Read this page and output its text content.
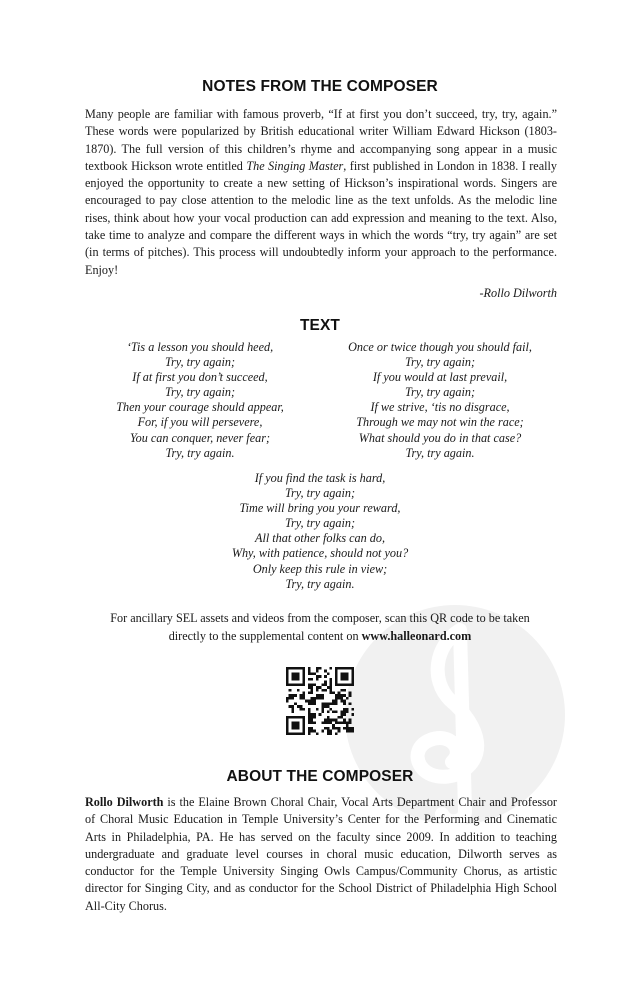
NOTES FROM THE COMPOSER
Many people are familiar with famous proverb, “If at first you don’t succeed, try, try, again.” These words were popularized by British educational writer William Edward Hickson (1803-1870). The full version of this children’s rhyme and accompanying song appear in a music textbook Hickson wrote entitled The Singing Master, first published in London in 1838. I really enjoyed the opportunity to create a new setting of Hickson’s inspirational words. Singers are encouraged to pay close attention to the melodic line as the text unfolds. As the melodic line rises, think about how your vocal production can add expression and meaning to the text. Also, take time to analyze and compare the different ways in which the words “try, try again” are set (in terms of pitches). This process will undoubtedly inform your approach to the performance. Enjoy!
-Rollo Dilworth
TEXT
‘Tis a lesson you should heed,
Try, try again;
If at first you don’t succeed,
Try, try again;
Then your courage should appear,
For, if you will persevere,
You can conquer, never fear;
Try, try again.
Once or twice though you should fail,
Try, try again;
If you would at last prevail,
Try, try again;
If we strive, ‘tis no disgrace,
Through we may not win the race;
What should you do in that case?
Try, try again.
If you find the task is hard,
Try, try again;
Time will bring you your reward,
Try, try again;
All that other folks can do,
Why, with patience, should not you?
Only keep this rule in view;
Try, try again.
For ancillary SEL assets and videos from the composer, scan this QR code to be taken
directly to the supplemental content on www.halleonard.com
ABOUT THE COMPOSER
Rollo Dilworth is the Elaine Brown Choral Chair, Vocal Arts Department Chair and Professor of Choral Music Education in Temple University’s Center for the Performing and Cinematic Arts in Philadelphia, PA. He has served on the faculty since 2009. In addition to teaching undergraduate and graduate level courses in choral music education, Dilworth serves as conductor for the Temple University Singing Owls Campus/Community Chorus, as artistic director for Singing City, and as conductor for the School District of Philadelphia High School All-City Chorus.
